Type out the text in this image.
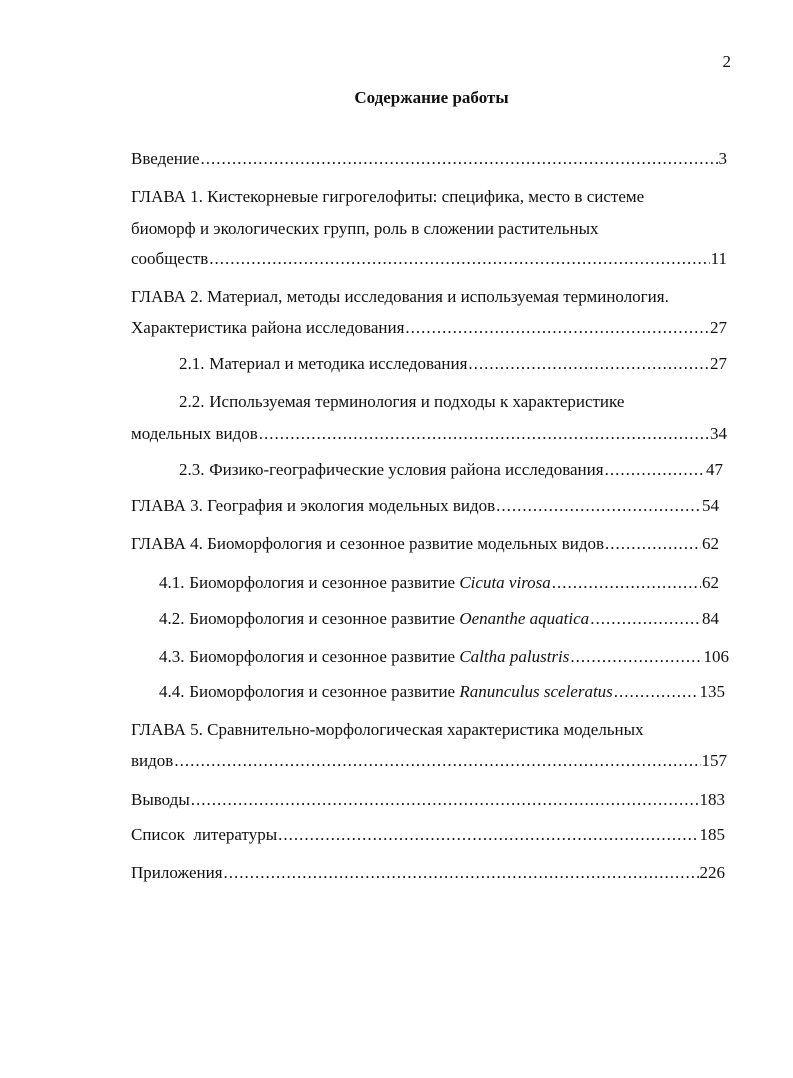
2
Содержание работы
Введение .....	3
ГЛАВА 1. Кистекорневые гигрогелофиты: специфика, место в системе
биоморф и экологических групп, роль в сложении растительных
сообществ .....	11
ГЛАВА 2. Материал, методы исследования и используемая терминология.
Характеристика района исследования .....	27
2.1.
Материал и методика исследования .....	27
2.2.
Используемая терминология и подходы к характеристике
модельных видов .....	34
2.3.
Физико-географические условия района исследования .....	47
ГЛАВА 3. География и экология модельных видов .....	54
ГЛАВА 4. Биоморфология и сезонное развитие модельных видов .....	62
4.1.
Биоморфология и сезонное развитие
Cicuta virosa .....	62
4.2.
Биоморфология и сезонное развитие
Oenanthe aquatica .....	84
4.3.
Биоморфология и сезонное развитие
Caltha palustris .....	106
4.4.
Биоморфология и сезонное развитие
Ranunculus sceleratus .....	135
ГЛАВА 5. Сравнительно-морфологическая характеристика модельных
видов .....	157
Выводы .....	183
Список  литературы .....	185
Приложения .....	226
